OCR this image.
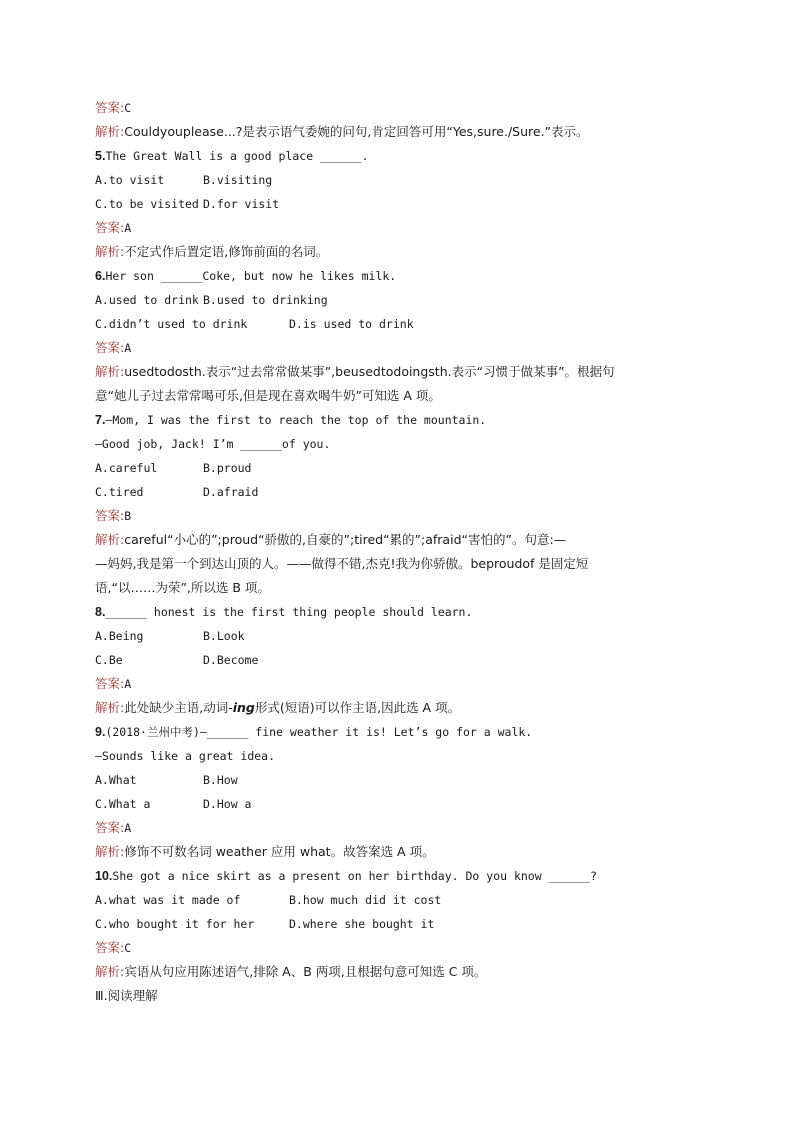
答案:C
解析:Couldyouplease...?是表示语气委婉的问句,肯定回答可用“Yes,sure./Sure.”表示。
5.The Great Wall is a good place ______.
A.to visit	B.visiting
C.to be visited D.for visit
答案:A
解析:不定式作后置定语,修饰前面的名词。
6.Her son ______Coke, but now he likes milk.
A.used to drink B.used to drinking
C.didn’t used to drink	D.is used to drink
答案:A
解析:usedtodosth.表示“过去常常做某事”,beusedtodoingsth.表示“习惯于做某事”。根据句
意“她儿子过去常常喝可乐,但是现在喜欢喝牛奶”可知选 A 项。
7.—Mom, I was the first to reach the top of the mountain.
—Good job, Jack! I’m ______of you.
A.careful	B.proud
C.tired	D.afraid
答案:B
解析:careful“小心的”;proud“骄傲的,自豪的”;tired“累的”;afraid“害怕的”。句意:—
—妈妈,我是第一个到达山顶的人。——做得不错,杰克!我为你骄傲。beproudof 是固定短
语,“以……为荣”,所以选 B 项。
8.______ honest is the first thing people should learn.
A.Being	B.Look
C.Be	D.Become
答案:A
解析:此处缺少主语,动词-ing形式(短语)可以作主语,因此选 A 项。
9.(2018·兰州中考)—______ fine weather it is! Let’s go for a walk.
—Sounds like a great idea.
A.What	B.How
C.What a	D.How a
答案:A
解析:修饰不可数名词 weather 应用 what。故答案选 A 项。
10.She got a nice skirt as a present on her birthday. Do you know ______?
A.what was it made of	B.how much did it cost
C.who bought it for her	D.where she bought it
答案:C
解析:宾语从句应用陈述语气,排除 A、B 两项,且根据句意可知选 C 项。
Ⅲ.阅读理解
